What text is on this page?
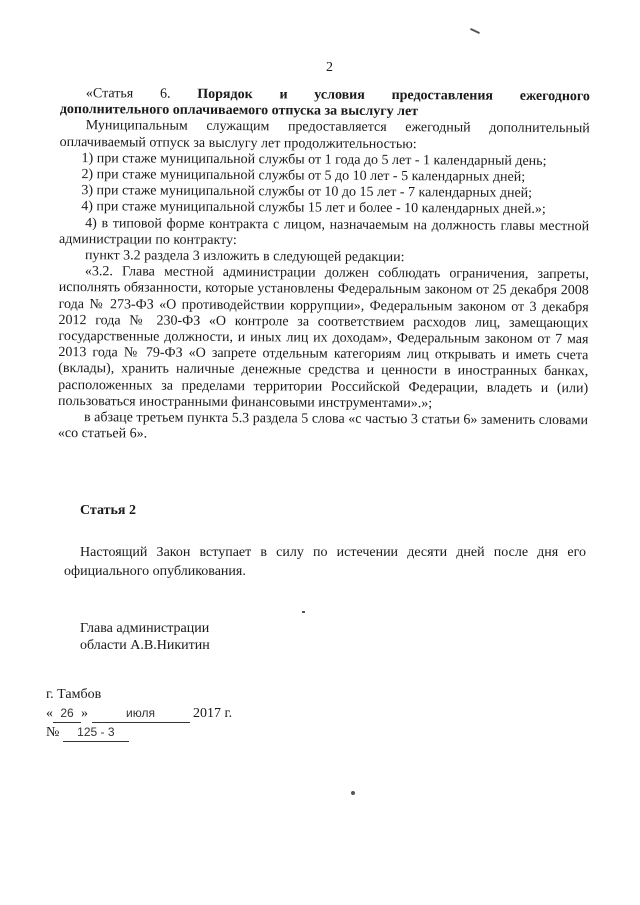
2

«Статья 6. Порядок и условия предоставления ежегодного

дополнительного оплачиваемого отпуска за выслугу лет

Муниципальным служащим предоставляется ежегодный дополнительный оплачиваемый отпуск за выслугу лет продолжительностью:

1) при стаже муниципальной службы от 1 года до 5 лет - 1 календарный день;

2) при стаже муниципальной службы от 5 до 10 лет - 5 календарных дней;

3) при стаже муниципальной службы от 10 до 15 лет - 7 календарных дней;

4) при стаже муниципальной службы 15 лет и более - 10 календарных дней.»;

4) в типовой форме контракта с лицом, назначаемым на должность главы местной администрации по контракту:

пункт 3.2 раздела 3 изложить в следующей редакции:

«3.2. Глава местной администрации должен соблюдать ограничения, запреты, исполнять обязанности, которые установлены Федеральным законом от 25 декабря 2008 года № 273-ФЗ «О противодействии коррупции», Федеральным законом от 3 декабря 2012 года № 230-ФЗ «О контроле за соответствием расходов лиц, замещающих государственные должности, и иных лиц их доходам», Федеральным законом от 7 мая 2013 года № 79-ФЗ «О запрете отдельным категориям лиц открывать и иметь счета (вклады), хранить наличные денежные средства и ценности в иностранных банках, расположенных за пределами территории Российской Федерации, владеть и (или) пользоваться иностранными финансовыми инструментами».»;

в абзаце третьем пункта 5.3 раздела 5 слова «с частью 3 статьи 6» заменить словами «со статьей 6».

Статья 2
Настоящий Закон вступает в силу по истечении десяти дней после дня его официального опубликования.
Глава администрации
области А.В.Никитин
г. Тамбов
« 26 »	июля	2017 г.
№ 125 - 3
